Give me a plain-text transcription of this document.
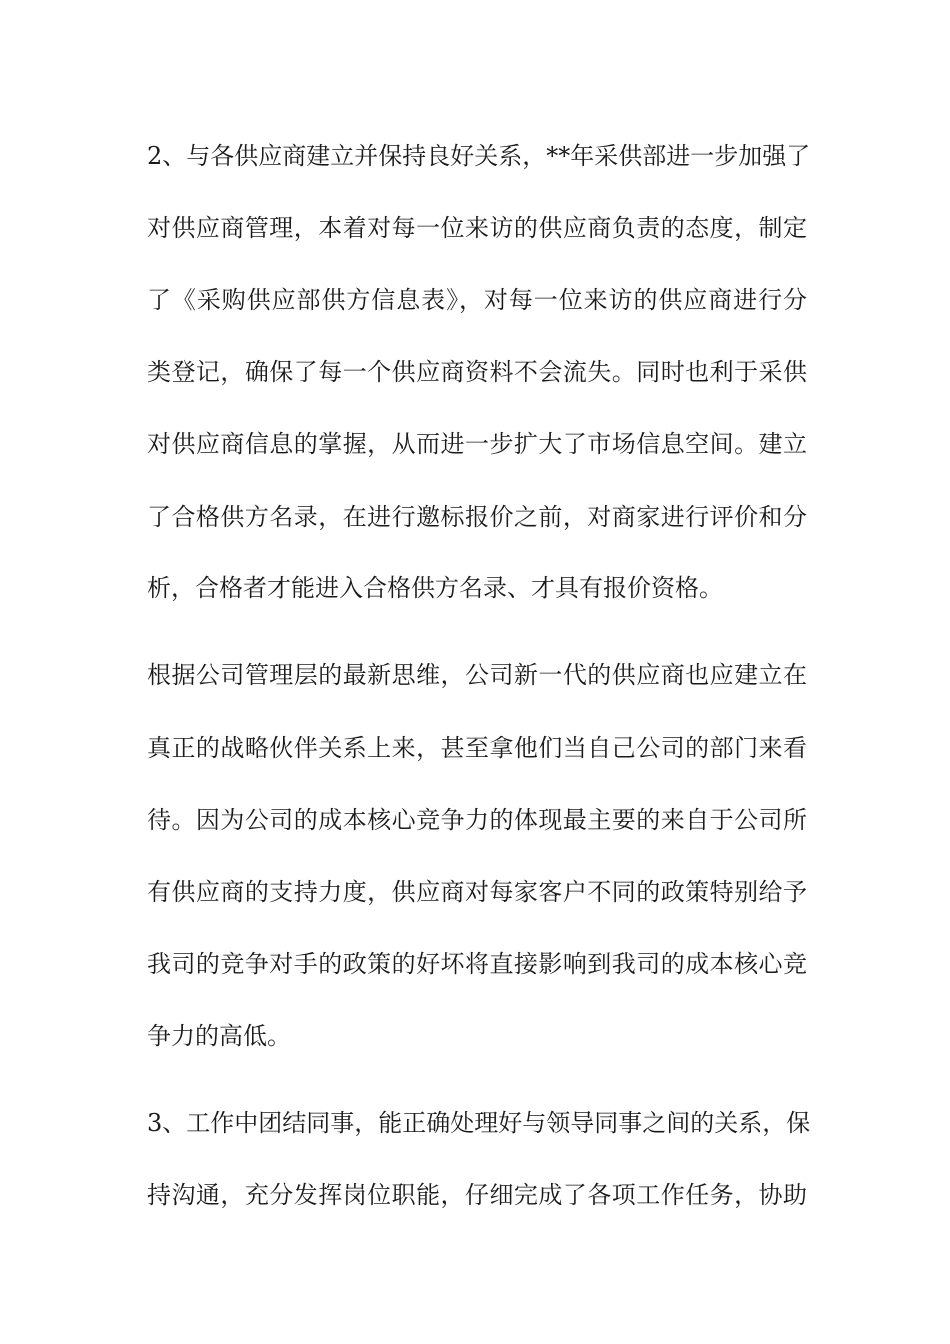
2、与各供应商建立并保持良好关系，**年采供部进一步加强了
对供应商管理，本着对每一位来访的供应商负责的态度，制定
了《采购供应部供方信息表》，对每一位来访的供应商进行分
类登记，确保了每一个供应商资料不会流失。同时也利于采供
对供应商信息的掌握，从而进一步扩大了市场信息空间。建立
了合格供方名录，在进行邀标报价之前，对商家进行评价和分
析，合格者才能进入合格供方名录、才具有报价资格。
根据公司管理层的最新思维，公司新一代的供应商也应建立在
真正的战略伙伴关系上来，甚至拿他们当自己公司的部门来看
待。因为公司的成本核心竞争力的体现最主要的来自于公司所
有供应商的支持力度，供应商对每家客户不同的政策特别给予
我司的竞争对手的政策的好坏将直接影响到我司的成本核心竞
争力的高低。
3、工作中团结同事，能正确处理好与领导同事之间的关系，保
持沟通，充分发挥岗位职能，仔细完成了各项工作任务，协助
